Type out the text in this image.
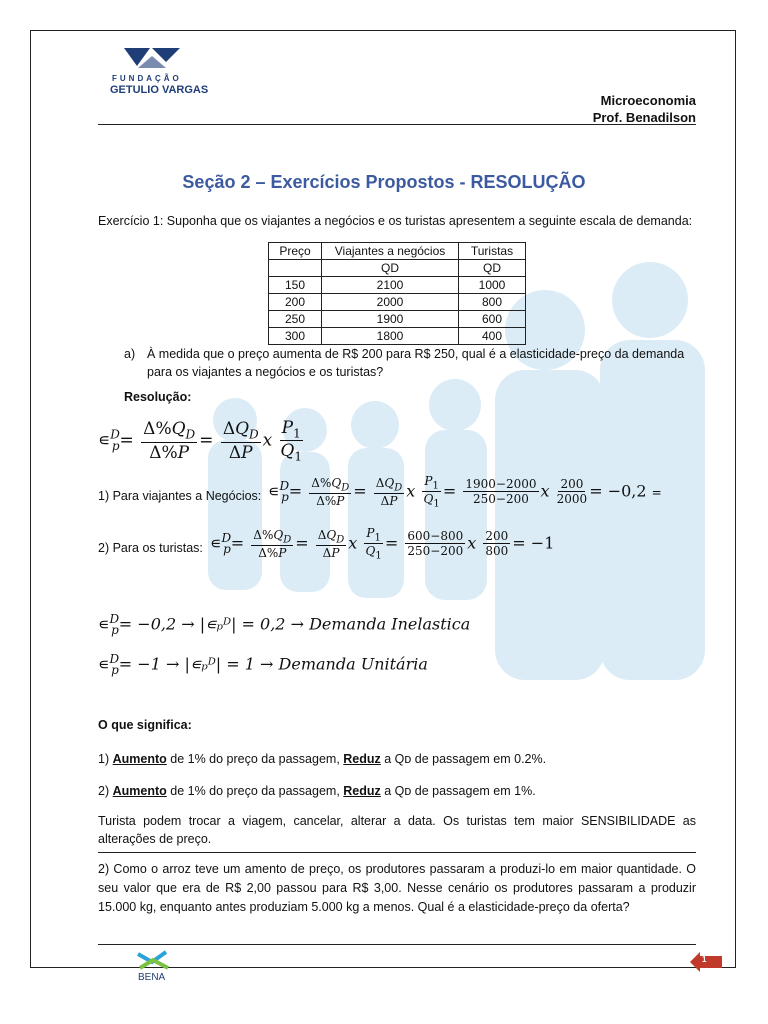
FUNDAÇÃO
GETULIO VARGAS
Microeconomia
Prof. Benadilson
Seção 2 – Exercícios Propostos - RESOLUÇÃO
Exercício 1: Suponha que os viajantes a negócios e os turistas apresentem a seguinte escala de demanda:
Preço	Viajantes a negócios	Turistas
	QD	QD
150	2100	1000
200	2000	800
250	1900	600
300	1800	400
a) À medida que o preço aumenta de R$ 200 para R$ 250, qual é a elasticidade-preço da demanda para os viajantes a negócios e os turistas?
Resolução:
∊$^D_p$= $\frac{\Delta\%Q_D}{\Delta\%P} = \frac{\Delta Q_D}{\Delta P}$ x $\frac{P_1}{Q_1}$
1) Para viajantes a Negócios: ∊$^D_p$= $\frac{\Delta\%Q_D}{\Delta\%P} = \frac{\Delta Q_D}{\Delta P}$ x $\frac{P_1}{Q_1} = \frac{1900-2000}{250-200}$ x $\frac{200}{2000} = -0,2$ =
2) Para os turistas: ∊$^D_p$= $\frac{\Delta\%Q_D}{\Delta\%P} = \frac{\Delta Q_D}{\Delta P}$ x $\frac{P_1}{Q_1} = \frac{600-800}{250-200}$ x $\frac{200}{800} = -1$
∊$^D_p$= −0,2 → |∊ₚᴰ| = 0,2 → Demanda Inelastica
∊$^D_p$= −1 → |∊ₚᴰ| = 1 → Demanda Unitária
O que significa:
1) Aumento de 1% do preço da passagem, Reduz a Qᴅ de passagem em 0.2%.
2) Aumento de 1% do preço da passagem, Reduz a Qᴅ de passagem em 1%.
Turista podem trocar a viagem, cancelar, alterar a data. Os turistas tem maior SENSIBILIDADE as alterações de preço.
2) Como o arroz teve um amento de preço, os produtores passaram a produzi-lo em maior quantidade. O seu valor que era de R$ 2,00 passou para R$ 3,00. Nesse cenário os produtores passaram a produzir 15.000 kg, enquanto antes produziam 5.000 kg a menos. Qual é a elasticidade-preço da oferta?
BENA
1
